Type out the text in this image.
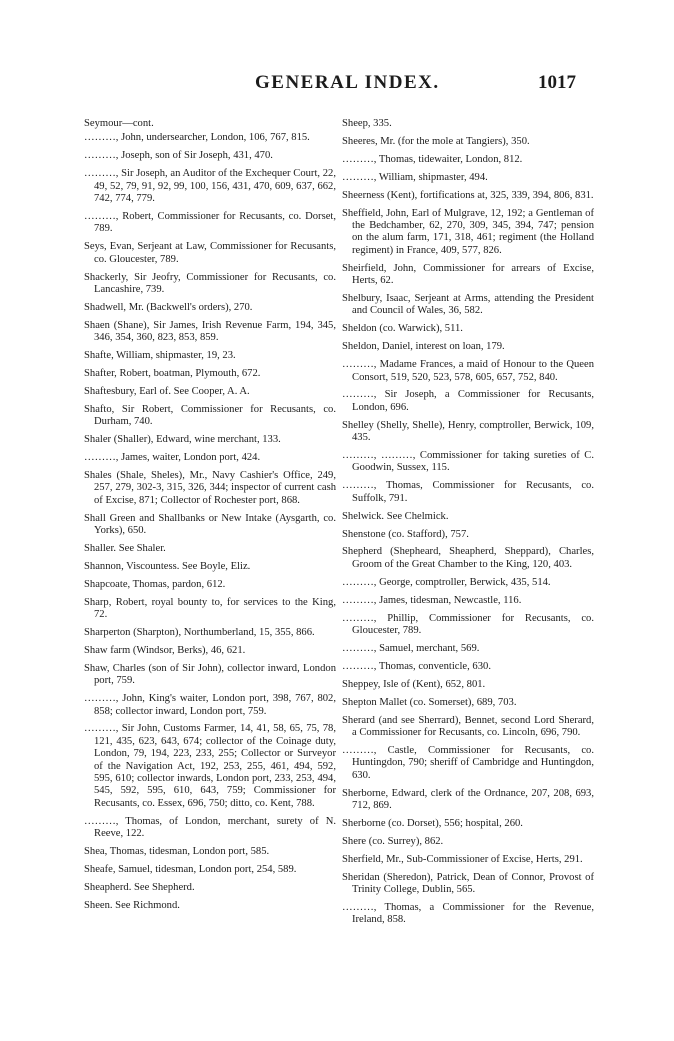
GENERAL INDEX.	1017

Seymour—cont.

………, John, undersearcher, London, 106, 767, 815.

………, Joseph, son of Sir Joseph, 431, 470.

………, Sir Joseph, an Auditor of the Exchequer Court, 22, 49, 52, 79, 91, 92, 99, 100, 156, 431, 470, 609, 637, 662, 742, 774, 779.

………, Robert, Commissioner for Recusants, co. Dorset, 789.

Seys, Evan, Serjeant at Law, Commissioner for Recusants, co. Gloucester, 789.

Shackerly, Sir Jeofry, Commissioner for Recusants, co. Lancashire, 739.

Shadwell, Mr. (Backwell's orders), 270.

Shaen (Shane), Sir James, Irish Revenue Farm, 194, 345, 346, 354, 360, 823, 853, 859.

Shafte, William, shipmaster, 19, 23.

Shafter, Robert, boatman, Plymouth, 672.

Shaftesbury, Earl of. See Cooper, A. A.

Shafto, Sir Robert, Commissioner for Recusants, co. Durham, 740.

Shaler (Shaller), Edward, wine merchant, 133.

………, James, waiter, London port, 424.

Shales (Shale, Sheles), Mr., Navy Cashier's Office, 249, 257, 279, 302-3, 315, 326, 344; inspector of current cash of Excise, 871; Collector of Rochester port, 868.

Shall Green and Shallbanks or New Intake (Aysgarth, co. Yorks), 650.

Shaller. See Shaler.

Shannon, Viscountess. See Boyle, Eliz.

Shapcoate, Thomas, pardon, 612.

Sharp, Robert, royal bounty to, for services to the King, 72.

Sharperton (Sharpton), Northumberland, 15, 355, 866.

Shaw farm (Windsor, Berks), 46, 621.

Shaw, Charles (son of Sir John), collector inward, London port, 759.

………, John, King's waiter, London port, 398, 767, 802, 858; collector inward, London port, 759.

………, Sir John, Customs Farmer, 14, 41, 58, 65, 75, 78, 121, 435, 623, 643, 674; collector of the Coinage duty, London, 79, 194, 223, 233, 255; Collector or Surveyor of the Navigation Act, 192, 253, 255, 461, 494, 592, 595, 610; collector inwards, London port, 233, 253, 494, 545, 592, 595, 610, 643, 759; Commissioner for Recusants, co. Essex, 696, 750; ditto, co. Kent, 788.

………, Thomas, of London, merchant, surety of N. Reeve, 122.

Shea, Thomas, tidesman, London port, 585.

Sheafe, Samuel, tidesman, London port, 254, 589.

Sheapherd. See Shepherd.

Sheen. See Richmond.

Sheep, 335.

Sheeres, Mr. (for the mole at Tangiers), 350.

………, Thomas, tidewaiter, London, 812.

………, William, shipmaster, 494.

Sheerness (Kent), fortifications at, 325, 339, 394, 806, 831.

Sheffield, John, Earl of Mulgrave, 12, 192; a Gentleman of the Bedchamber, 62, 270, 309, 345, 394, 747; pension on the alum farm, 171, 318, 461; regiment (the Holland regiment) in France, 409, 577, 826.

Sheirfield, John, Commissioner for arrears of Excise, Herts, 62.

Shelbury, Isaac, Serjeant at Arms, attending the President and Council of Wales, 36, 582.

Sheldon (co. Warwick), 511.

Sheldon, Daniel, interest on loan, 179.

………, Madame Frances, a maid of Honour to the Queen Consort, 519, 520, 523, 578, 605, 657, 752, 840.

………, Sir Joseph, a Commissioner for Recusants, London, 696.

Shelley (Shelly, Shelle), Henry, comptroller, Berwick, 109, 435.

………, ………, Commissioner for taking sureties of C. Goodwin, Sussex, 115.

………, Thomas, Commissioner for Recusants, co. Suffolk, 791.

Shelwick. See Chelmick.

Shenstone (co. Stafford), 757.

Shepherd (Shepheard, Sheapherd, Sheppard), Charles, Groom of the Great Chamber to the King, 120, 403.

………, George, comptroller, Berwick, 435, 514.

………, James, tidesman, Newcastle, 116.

………, Phillip, Commissioner for Recusants, co. Gloucester, 789.

………, Samuel, merchant, 569.

………, Thomas, conventicle, 630.

Sheppey, Isle of (Kent), 652, 801.

Shepton Mallet (co. Somerset), 689, 703.

Sherard (and see Sherrard), Bennet, second Lord Sherard, a Commissioner for Recusants, co. Lincoln, 696, 790.

………, Castle, Commissioner for Recusants, co. Huntingdon, 790; sheriff of Cambridge and Huntingdon, 630.

Sherborne, Edward, clerk of the Ordnance, 207, 208, 693, 712, 869.

Sherborne (co. Dorset), 556; hospital, 260.

Shere (co. Surrey), 862.

Sherfield, Mr., Sub-Commissioner of Excise, Herts, 291.

Sheridan (Sheredon), Patrick, Dean of Connor, Provost of Trinity College, Dublin, 565.

………, Thomas, a Commissioner for the Revenue, Ireland, 858.
